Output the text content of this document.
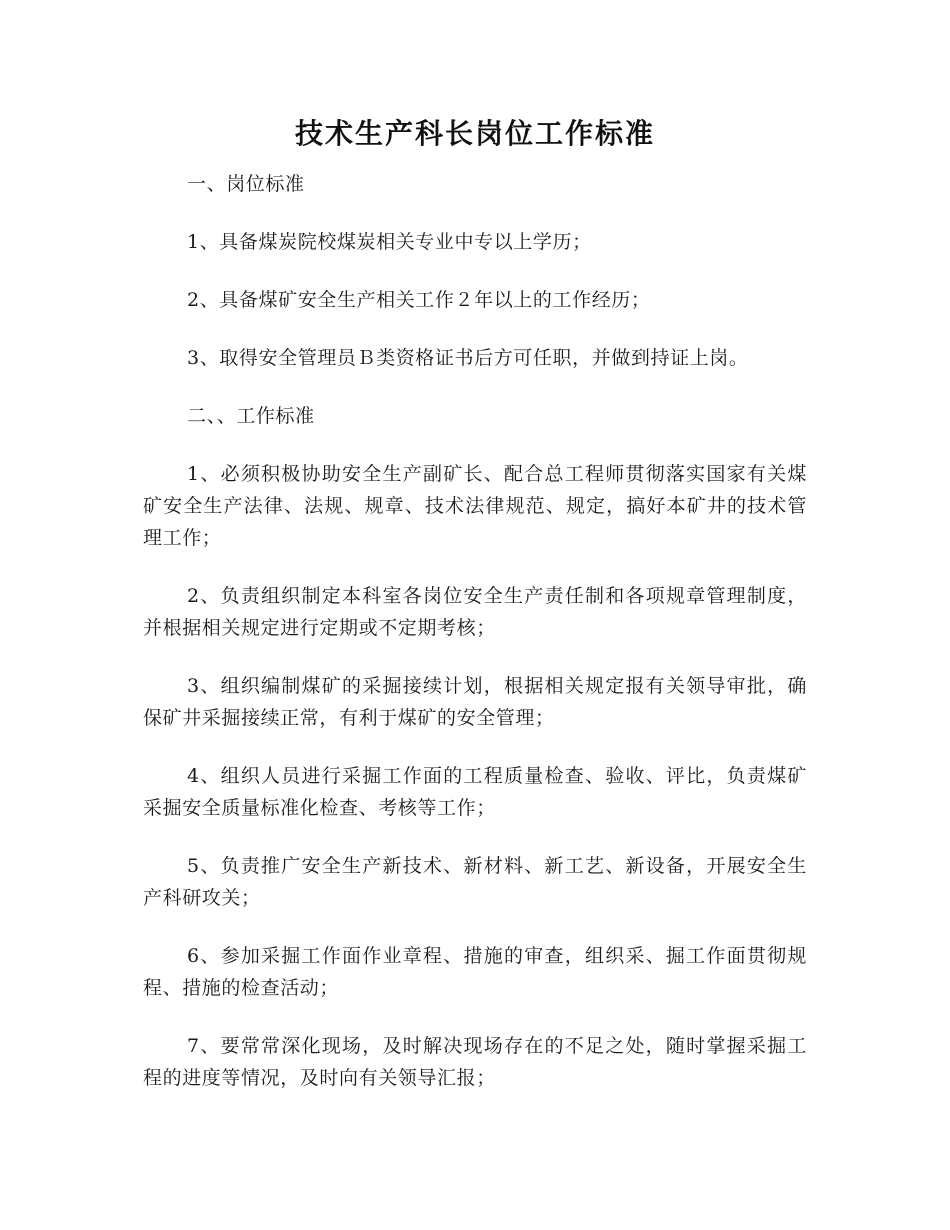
技术生产科长岗位工作标准

一、岗位标准

1、具备煤炭院校煤炭相关专业中专以上学历；

2、具备煤矿安全生产相关工作２年以上的工作经历；

3、取得安全管理员Ｂ类资格证书后方可任职，并做到持证上岗。

二、、工作标准

1、必须积极协助安全生产副矿长、配合总工程师贯彻落实国家有关煤矿安全生产法律、法规、规章、技术法律规范、规定，搞好本矿井的技术管理工作；

2、负责组织制定本科室各岗位安全生产责任制和各项规章管理制度，并根据相关规定进行定期或不定期考核；

3、组织编制煤矿的采掘接续计划，根据相关规定报有关领导审批，确保矿井采掘接续正常，有利于煤矿的安全管理；

4、组织人员进行采掘工作面的工程质量检查、验收、评比，负责煤矿采掘安全质量标准化检查、考核等工作；

5、负责推广安全生产新技术、新材料、新工艺、新设备，开展安全生产科研攻关；

6、参加采掘工作面作业章程、措施的审查，组织采、掘工作面贯彻规程、措施的检查活动；

7、要常常深化现场，及时解决现场存在的不足之处，随时掌握采掘工程的进度等情况，及时向有关领导汇报；
